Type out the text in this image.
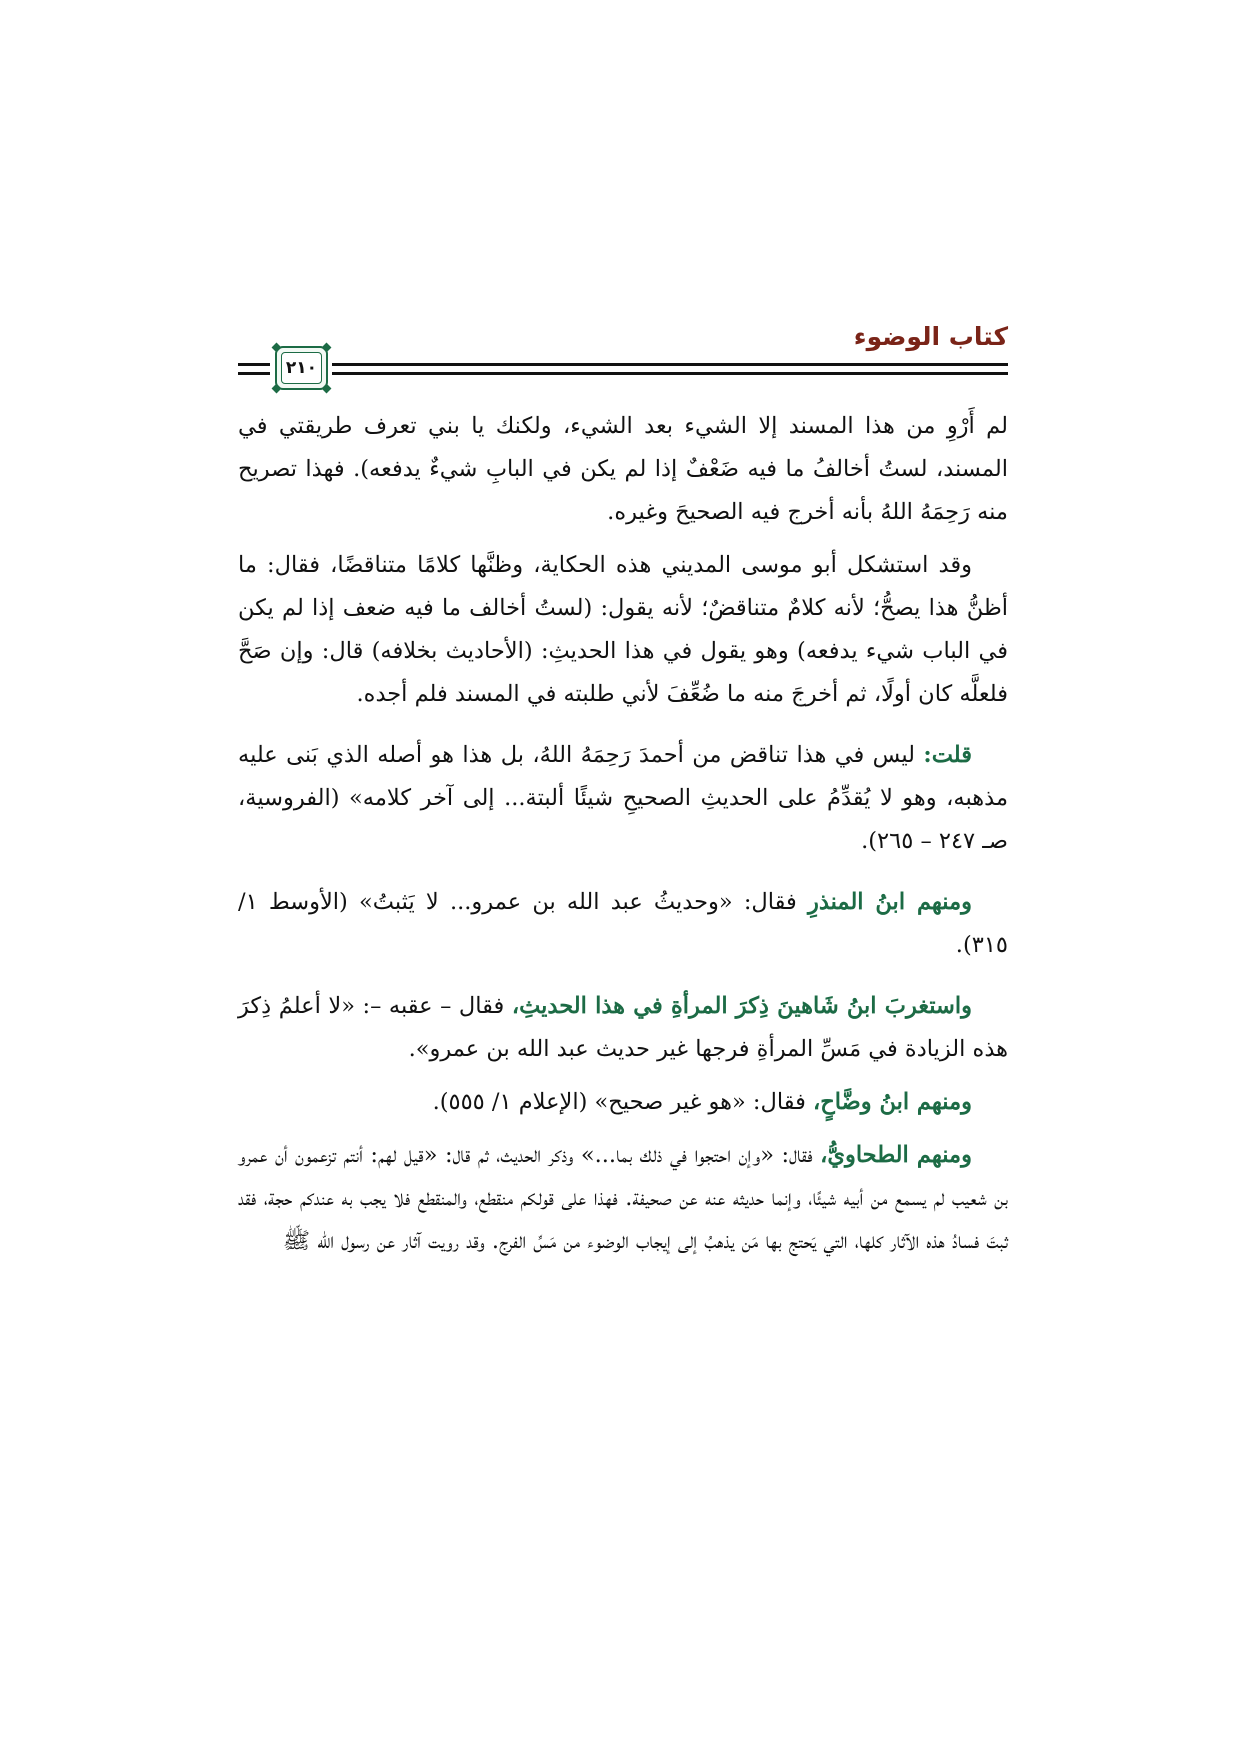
كتاب الوضوء
٢١٠

لم أَرْوِ من هذا المسند إلا الشيء بعد الشيء، ولكنك يا بني تعرف طريقتي في المسند، لستُ أخالفُ ما فيه ضَعْفٌ إذا لم يكن في البابِ شيءٌ يدفعه). فهذا تصريح منه رَحِمَهُ اللهُ بأنه أخرج فيه الصحيحَ وغيره.

وقد استشكل أبو موسى المديني هذه الحكاية، وظنَّها كلامًا متناقضًا، فقال: ما أظنُّ هذا يصحُّ؛ لأنه كلامٌ متناقضٌ؛ لأنه يقول: (لستُ أخالف ما فيه ضعف إذا لم يكن في الباب شيء يدفعه) وهو يقول في هذا الحديثِ: (الأحاديث بخلافه) قال: وإن صَحَّ فلعلَّه كان أولًا، ثم أخرجَ منه ما ضُعِّفَ لأني طلبته في المسند فلم أجده.

قلت: ليس في هذا تناقض من أحمدَ رَحِمَهُ اللهُ، بل هذا هو أصله الذي بَنى عليه مذهبه، وهو لا يُقدِّمُ على الحديثِ الصحيحِ شيئًا ألبتة... إلى آخر كلامه» (الفروسية، صـ ٢٤٧ – ٢٦٥).

ومنهم ابنُ المنذرِ فقال: «وحديثُ عبد الله بن عمرو... لا يَثبتُ» (الأوسط ١/ ٣١٥).

واستغربَ ابنُ شَاهينَ ذِكرَ المرأةِ في هذا الحديثِ، فقال – عقبه –: «لا أعلمُ ذِكرَ هذه الزيادة في مَسِّ المرأةِ فرجها غير حديث عبد الله بن عمرو».

ومنهم ابنُ وضَّاحٍ، فقال: «هو غير صحيح» (الإعلام ١/ ٥٥٥).

ومنهم الطحاويُّ، فقال: «وإن احتجوا في ذلك بما...» وذكر الحديث، ثم قال: «قيل لهم: أنتم تزعمون أن عمرو بن شعيب لم يسمع من أبيه شيئًا، وإنما حديثه عنه عن صحيفة. فهذا على قولكم منقطع، والمنقطع فلا يجب به عندكم حجة، فقد ثبتَ فسادُ هذه الآثار كلها، التي يَحتج بها مَن يذهبُ إلى إيجاب الوضوء من مَسِّ الفرج. وقد رويت آثار عن رسول الله ﷺ
